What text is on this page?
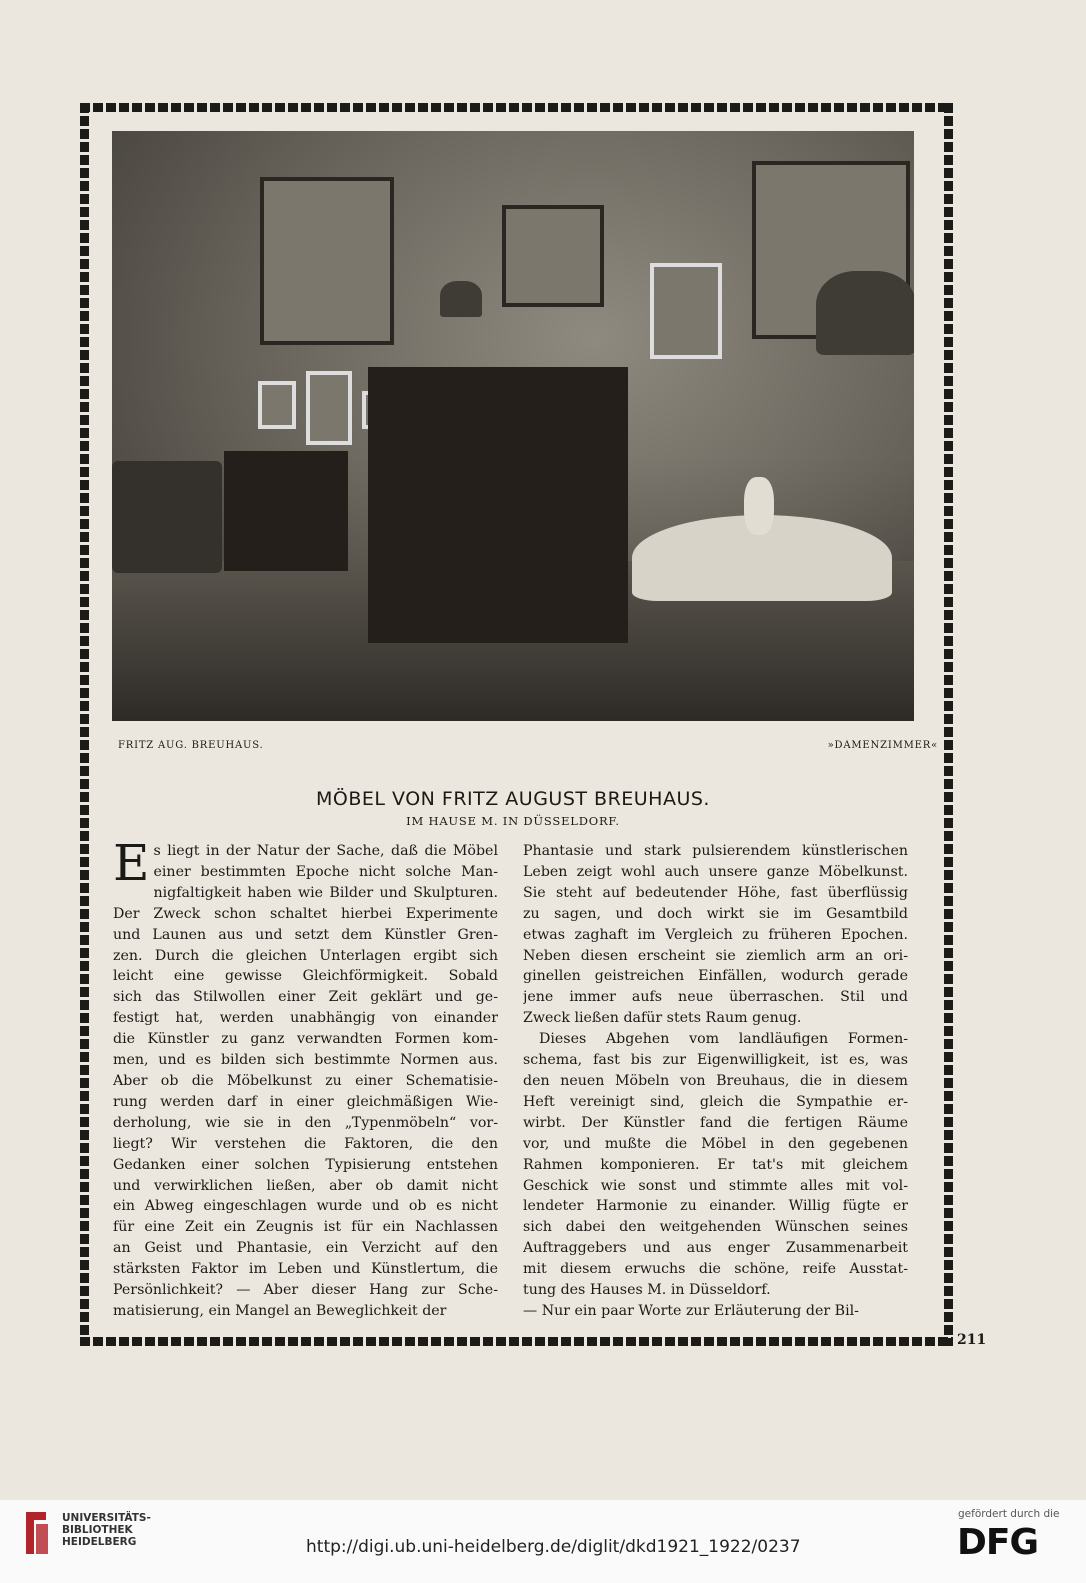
FRITZ AUG. BREUHAUS.	»DAMENZIMMER«
MÖBEL VON FRITZ AUGUST BREUHAUS.
IM HAUSE M. IN DÜSSELDORF.
E s liegt in der Natur der Sache, daß die Möbel
einer bestimmten Epoche nicht solche Man-
nigfaltigkeit haben wie Bilder und Skulpturen.
Der Zweck schon schaltet hierbei Experimente
und Launen aus und setzt dem Künstler Gren-
zen. Durch die gleichen Unterlagen ergibt sich
leicht eine gewisse Gleichförmigkeit. Sobald
sich das Stilwollen einer Zeit geklärt und ge-
festigt hat, werden unabhängig von einander
die Künstler zu ganz verwandten Formen kom-
men, und es bilden sich bestimmte Normen aus.
Aber ob die Möbelkunst zu einer Schematisie-
rung werden darf in einer gleichmäßigen Wie-
derholung, wie sie in den „Typenmöbeln“ vor-
liegt? Wir verstehen die Faktoren, die den
Gedanken einer solchen Typisierung entstehen
und verwirklichen ließen, aber ob damit nicht
ein Abweg eingeschlagen wurde und ob es nicht
für eine Zeit ein Zeugnis ist für ein Nachlassen
an Geist und Phantasie, ein Verzicht auf den
stärksten Faktor im Leben und Künstlertum, die
Persönlichkeit? — Aber dieser Hang zur Sche-
matisierung, ein Mangel an Beweglichkeit der
Phantasie und stark pulsierendem künstlerischen
Leben zeigt wohl auch unsere ganze Möbelkunst.
Sie steht auf bedeutender Höhe, fast überflüssig
zu sagen, und doch wirkt sie im Gesamtbild
etwas zaghaft im Vergleich zu früheren Epochen.
Neben diesen erscheint sie ziemlich arm an ori-
ginellen geistreichen Einfällen, wodurch gerade
jene immer aufs neue überraschen. Stil und
Zweck ließen dafür stets Raum genug.
Dieses Abgehen vom landläufigen Formen-
schema, fast bis zur Eigenwilligkeit, ist es, was
den neuen Möbeln von Breuhaus, die in diesem
Heft vereinigt sind, gleich die Sympathie er-
wirbt. Der Künstler fand die fertigen Räume
vor, und mußte die Möbel in den gegebenen
Rahmen komponieren. Er tat's mit gleichem
Geschick wie sonst und stimmte alles mit vol-
lendeter Harmonie zu einander. Willig fügte er
sich dabei den weitgehenden Wünschen seines
Auftraggebers und aus enger Zusammenarbeit
mit diesem erwuchs die schöne, reife Ausstat-
tung des Hauses M. in Düsseldorf.
— Nur ein paar Worte zur Erläuterung der Bil-
211
UNIVERSITÄTS-
BIBLIOTHEK
HEIDELBERG	http://digi.ub.uni-heidelberg.de/diglit/dkd1921_1922/0237
gefördert durch die
DFG
